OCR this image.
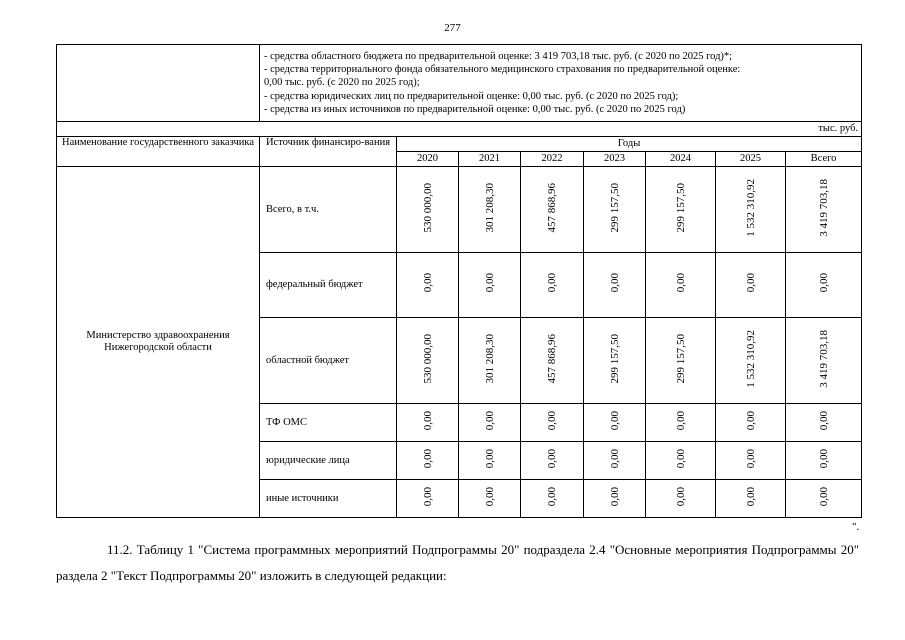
277

	- средства областного бюджета по предварительной оценке: 3 419 703,18 тыс. руб. (с 2020 по 2025 год)*;
- средства территориального фонда обязательного медицинского страхования по предварительной оценке:
0,00 тыс. руб. (с 2020 по 2025 год);
- средства юридических лиц по предварительной оценке: 0,00 тыс. руб. (с 2020 по 2025 год);
- средства из иных источников по предварительной оценке: 0,00 тыс. руб. (с 2020 по 2025 год)							

тыс. руб.								
Наименование государственного заказчика	Источник финансиро-вания	Годы						
		2020	2021	2022	2023	2024	2025	Всего
Министерство здравоохранения Нижегородской области	Всего, в т.ч.	530 000,00	301 208,30	457 868,96	299 157,50	299 157,50	1 532 310,92	3 419 703,18
	федеральный бюджет	0,00	0,00	0,00	0,00	0,00	0,00	0,00
	областной бюджет	530 000,00	301 208,30	457 868,96	299 157,50	299 157,50	1 532 310,92	3 419 703,18
	ТФ ОМС	0,00	0,00	0,00	0,00	0,00	0,00	0,00
	юридические лица	0,00	0,00	0,00	0,00	0,00	0,00	0,00
	иные источники	0,00	0,00	0,00	0,00	0,00	0,00	0,00
".
11.2. Таблицу 1 "Система программных мероприятий Подпрограммы 20" подраздела 2.4 "Основные мероприятия Подпрограммы 20" раздела 2 "Текст Подпрограммы 20" изложить в следующей редакции:
